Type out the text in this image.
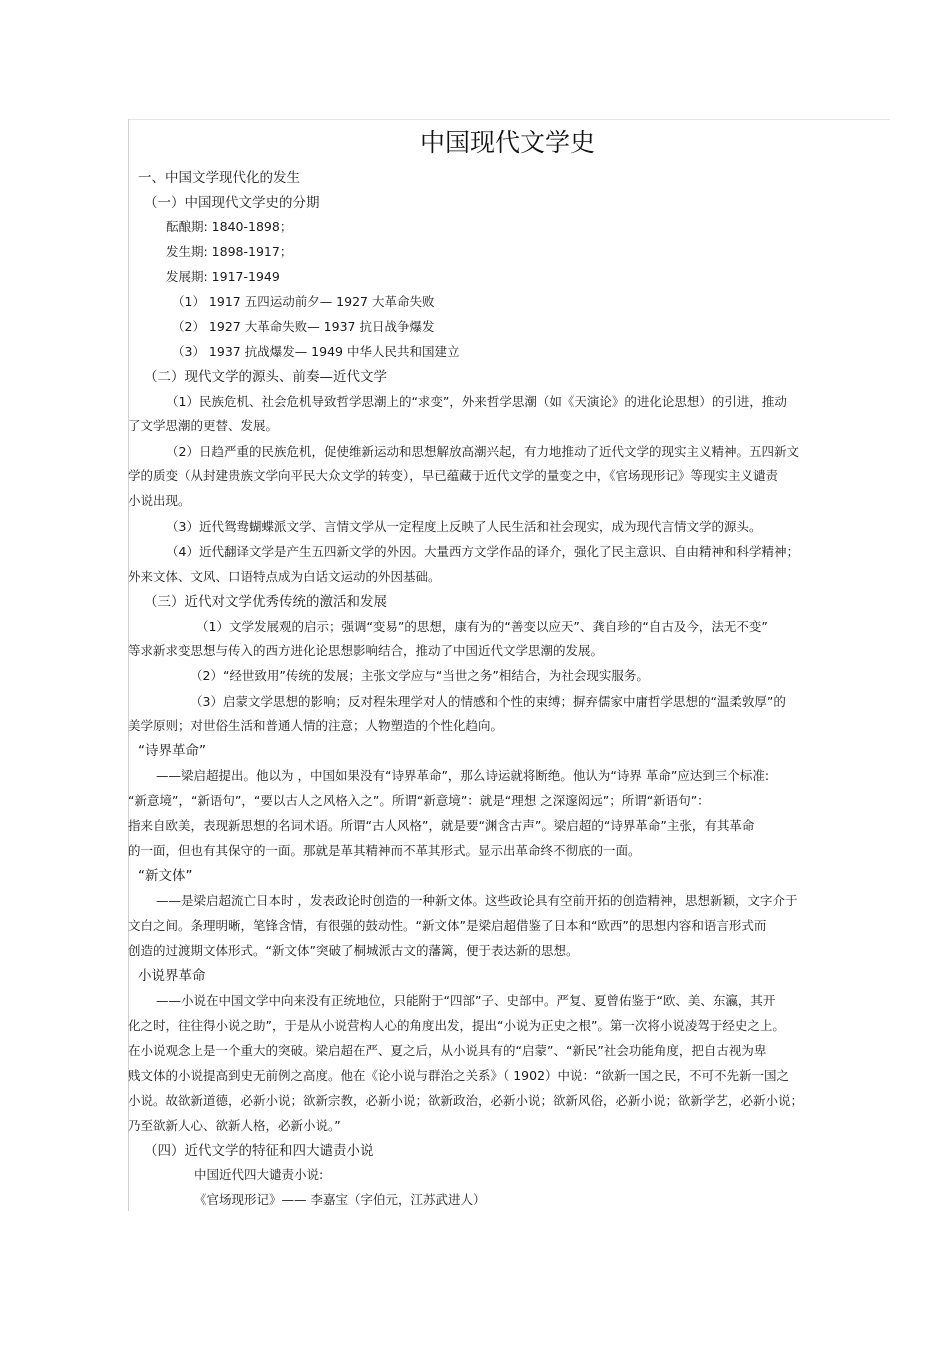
中国现代文学史
一、中国文学现代化的发生
（一）中国现代文学史的分期
酝酿期: 1840-1898；
发生期: 1898-1917；
发展期: 1917-1949
（1） 1917 五四运动前夕— 1927 大革命失败
（2） 1927 大革命失败— 1937 抗日战争爆发
（3） 1937 抗战爆发— 1949 中华人民共和国建立
（二）现代文学的源头、前奏—近代文学
（1）民族危机、社会危机导致哲学思潮上的“求变”，外来哲学思潮（如《天演论》的进化论思想）的引进，推动
了文学思潮的更替、发展。
（2）日趋严重的民族危机，促使维新运动和思想解放高潮兴起，有力地推动了近代文学的现实主义精神。五四新文
学的质变（从封建贵族文学向平民大众文学的转变），早已蕴藏于近代文学的量变之中，《官场现形记》等现实主义谴责
小说出现。
（3）近代鸳鸯蝴蝶派文学、言情文学从一定程度上反映了人民生活和社会现实，成为现代言情文学的源头。
（4）近代翻译文学是产生五四新文学的外因。大量西方文学作品的译介，强化了民主意识、自由精神和科学精神；
外来文体、文风、口语特点成为白话文运动的外因基础。
（三）近代对文学优秀传统的激活和发展
（1）文学发展观的启示；强调“变易”的思想，康有为的“善变以应天”、龚自珍的“自古及今，法无不变”
等求新求变思想与传入的西方进化论思想影响结合，推动了中国近代文学思潮的发展。
（2）“经世致用”传统的发展；主张文学应与“当世之务”相结合，为社会现实服务。
（3）启蒙文学思想的影响；反对程朱理学对人的情感和个性的束缚；摒弃儒家中庸哲学思想的“温柔敦厚”的
美学原则；对世俗生活和普通人情的注意；人物塑造的个性化趋向。
“诗界革命”
——梁启超提出。他以为 ，中国如果没有“诗界革命”，那么诗运就将断绝。他认为“诗界 革命”应达到三个标准:
“新意境”，“新语句”，“要以古人之风格入之”。所谓“新意境”：就是“理想 之深邃闳远”；所谓“新语句”：
指来自欧美，表现新思想的名词术语。所谓“古人风格”，就是要“渊含古声”。梁启超的“诗界革命”主张，有其革命
的一面，但也有其保守的一面。那就是革其精神而不革其形式。显示出革命终不彻底的一面。
“新文体”
——是梁启超流亡日本时 ，发表政论时创造的一种新文体。这些政论具有空前开拓的创造精神，思想新颖，文字介于
文白之间。条理明晰，笔锋含情，有很强的鼓动性。“新文体”是梁启超借鉴了日本和“欧西”的思想内容和语言形式而
创造的过渡期文体形式。“新文体”突破了桐城派古文的藩篱，便于表达新的思想。
小说界革命
——小说在中国文学中向来没有正统地位，只能附于“四部”子、史部中。严复、夏曾佑鉴于“欧、美、东瀛，其开
化之时，往往得小说之助”，于是从小说营构人心的角度出发，提出“小说为正史之根”。第一次将小说凌驾于经史之上。
在小说观念上是一个重大的突破。梁启超在严、夏之后，从小说具有的“启蒙”、“新民”社会功能角度，把自古视为卑
贱文体的小说提高到史无前例之高度。他在《论小说与群治之关系》（ 1902）中说：“欲新一国之民，不可不先新一国之
小说。故欲新道德，必新小说；欲新宗教，必新小说；欲新政治，必新小说；欲新风俗，必新小说；欲新学艺，必新小说；
乃至欲新人心、欲新人格，必新小说。”
（四）近代文学的特征和四大谴责小说
中国近代四大谴责小说:
《官场现形记》—— 李嘉宝（字伯元，江苏武进人）
